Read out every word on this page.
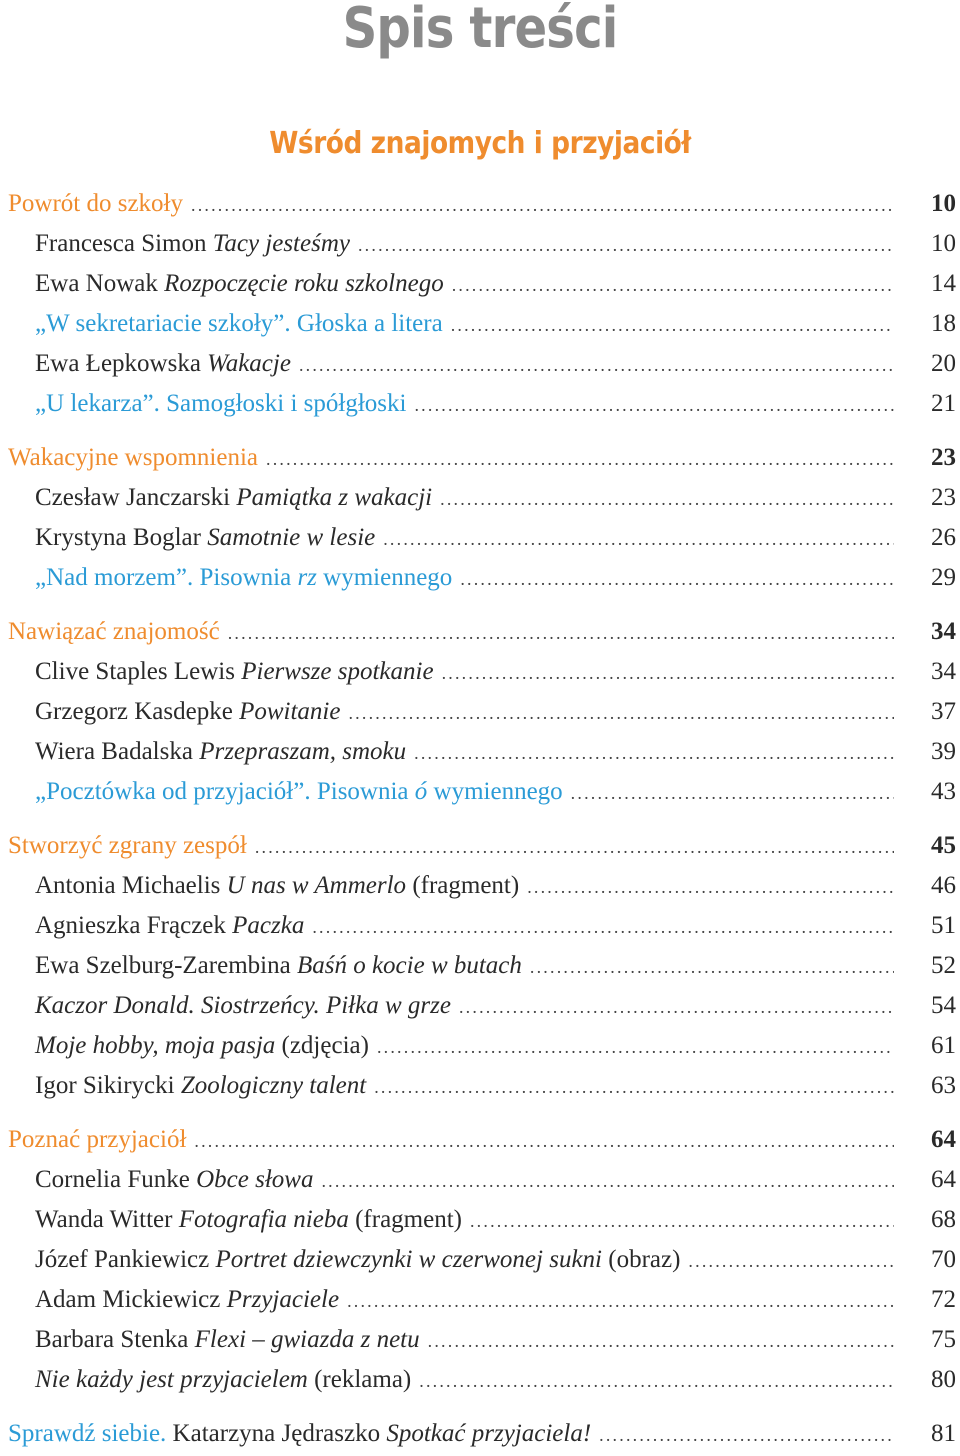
Spis treści
Wśród znajomych i przyjaciół
Powrót do szkoły .....	10
Francesca Simon Tacy jesteśmy .....	10
Ewa Nowak Rozpoczęcie roku szkolnego .....	14
„W sekretariacie szkoły”. Głoska a litera .....	18
Ewa Łepkowska Wakacje .....	20
„U lekarza”. Samogłoski i spółgłoski .....	21
Wakacyjne wspomnienia .....	23
Czesław Janczarski Pamiątka z wakacji .....	23
Krystyna Boglar Samotnie w lesie .....	26
„Nad morzem”. Pisownia rz wymiennego .....	29
Nawiązać znajomość .....	34
Clive Staples Lewis Pierwsze spotkanie .....	34
Grzegorz Kasdepke Powitanie .....	37
Wiera Badalska Przepraszam, smoku .....	39
„Pocztówka od przyjaciół”. Pisownia ó wymiennego .....	43
Stworzyć zgrany zespół .....	45
Antonia Michaelis U nas w Ammerlo (fragment) .....	46
Agnieszka Frączek Paczka .....	51
Ewa Szelburg-Zarembina Baśń o kocie w butach .....	52
Kaczor Donald. Siostrzeńcy. Piłka w grze .....	54
Moje hobby, moja pasja (zdjęcia) .....	61
Igor Sikirycki Zoologiczny talent .....	63
Poznać przyjaciół .....	64
Cornelia Funke Obce słowa .....	64
Wanda Witter Fotografia nieba (fragment) .....	68
Józef Pankiewicz Portret dziewczynki w czerwonej sukni (obraz) .....	70
Adam Mickiewicz Przyjaciele .....	72
Barbara Stenka Flexi – gwiazda z netu .....	75
Nie każdy jest przyjacielem (reklama) .....	80
Sprawdź siebie. Katarzyna Jędraszko Spotkać przyjaciela! .....	81
